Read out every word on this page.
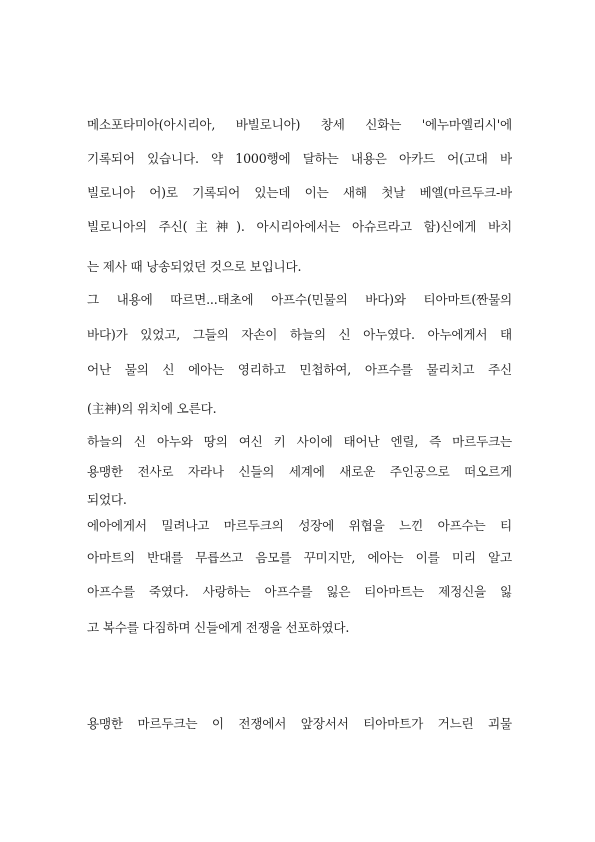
메소포타미아(아시리아, 바빌로니아) 창세 신화는 '에누마엘리시'에
기록되어 있습니다. 약 1000행에 달하는 내용은 아카드 어(고대 바
빌로니아 어)로 기록되어 있는데 이는 새해 첫날 베엘(마르두크-바
빌로니아의 주신(主神). 아시리아에서는 아슈르라고 함)신에게 바치
는 제사 때 낭송되었던 것으로 보입니다.
그 내용에 따르면...태초에 아프수(민물의 바다)와 티아마트(짠물의
바다)가 있었고, 그들의 자손이 하늘의 신 아누였다. 아누에게서 태
어난 물의 신 에아는 영리하고 민첩하여, 아프수를 물리치고 주신
(主神)의 위치에 오른다.
하늘의 신 아누와 땅의 여신 키 사이에 태어난 엔릴, 즉 마르두크는
용맹한 전사로 자라나 신들의 세계에 새로운 주인공으로 떠오르게
되었다.
에아에게서 밀려나고 마르두크의 성장에 위협을 느낀 아프수는 티
아마트의 반대를 무릅쓰고 음모를 꾸미지만, 에아는 이를 미리 알고
아프수를 죽였다. 사랑하는 아프수를 잃은 티아마트는 제정신을 잃
고 복수를 다짐하며 신들에게 전쟁을 선포하였다.
용맹한 마르두크는 이 전쟁에서 앞장서서 티아마트가 거느린 괴물
